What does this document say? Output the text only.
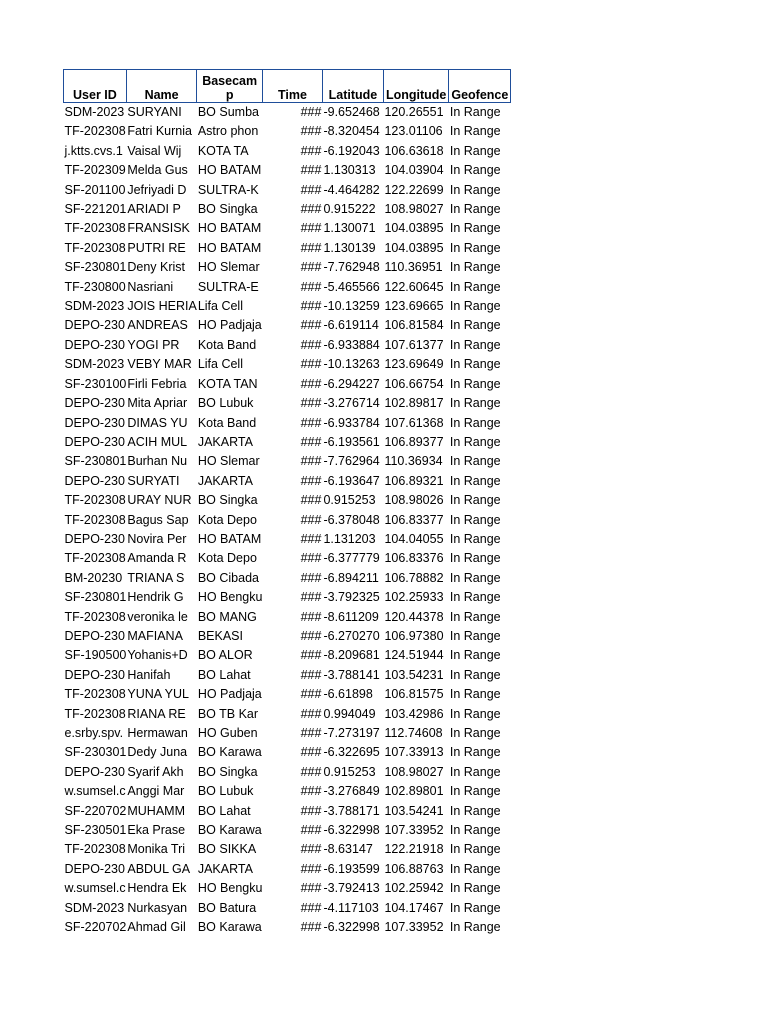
User ID	Name	Basecamp	Time	Latitude	Longitude	Geofence
SDM-2023	SURYANI	BO Sumba	###	-9.652468	120.26551	In Range
TF-202308	Fatri Kurnia	Astro phon	###	-8.320454	123.01106	In Range
j.ktts.cvs.1	Vaisal Wij	KOTA TA	###	-6.192043	106.63618	In Range
TF-202309	Melda Gus	HO BATAM	###	1.130313	104.03904	In Range
SF-201100	Jefriyadi D	SULTRA-K	###	-4.464282	122.22699	In Range
SF-221201	ARIADI P	BO Singka	###	0.915222	108.98027	In Range
TF-202308	FRANSISK	HO BATAM	###	1.130071	104.03895	In Range
TF-202308	PUTRI RE	HO BATAM	###	1.130139	104.03895	In Range
SF-230801	Deny Krist	HO Slemar	###	-7.762948	110.36951	In Range
TF-230800	Nasriani	SULTRA-E	###	-5.465566	122.60645	In Range
SDM-2023	JOIS HERIA	Lifa Cell	###	-10.13259	123.69665	In Range
DEPO-230	ANDREAS	HO Padjaja	###	-6.619114	106.81584	In Range
DEPO-230	YOGI PR	Kota Band	###	-6.933884	107.61377	In Range
SDM-2023	VEBY MAR	Lifa Cell	###	-10.13263	123.69649	In Range
SF-230100	Firli Febria	KOTA TAN	###	-6.294227	106.66754	In Range
DEPO-230	Mita Apriar	BO Lubuk	###	-3.276714	102.89817	In Range
DEPO-230	DIMAS YU	Kota Band	###	-6.933784	107.61368	In Range
DEPO-230	ACIH MUL	JAKARTA	###	-6.193561	106.89377	In Range
SF-230801	Burhan Nu	HO Slemar	###	-7.762964	110.36934	In Range
DEPO-230	SURYATI	JAKARTA	###	-6.193647	106.89321	In Range
TF-202308	URAY NUR	BO Singka	###	0.915253	108.98026	In Range
TF-202308	Bagus Sap	Kota Depo	###	-6.378048	106.83377	In Range
DEPO-230	Novira Per	HO BATAM	###	1.131203	104.04055	In Range
TF-202308	Amanda R	Kota Depo	###	-6.377779	106.83376	In Range
BM-20230	TRIANA S	BO Cibada	###	-6.894211	106.78882	In Range
SF-230801	Hendrik G	HO Bengku	###	-3.792325	102.25933	In Range
TF-202308	veronika le	BO MANG	###	-8.611209	120.44378	In Range
DEPO-230	MAFIANA	BEKASI	###	-6.270270	106.97380	In Range
SF-190500	Yohanis+D	BO ALOR	###	-8.209681	124.51944	In Range
DEPO-230	Hanifah	BO Lahat	###	-3.788141	103.54231	In Range
TF-202308	YUNA YUL	HO Padjaja	###	-6.61898	106.81575	In Range
TF-202308	RIANA RE	BO TB Kar	###	0.994049	103.42986	In Range
e.srby.spv.	Hermawan	HO Guben	###	-7.273197	112.74608	In Range
SF-230301	Dedy Juna	BO Karawa	###	-6.322695	107.33913	In Range
DEPO-230	Syarif Akh	BO Singka	###	0.915253	108.98027	In Range
w.sumsel.c	Anggi Mar	BO Lubuk	###	-3.276849	102.89801	In Range
SF-220702	MUHAMM	BO Lahat	###	-3.788171	103.54241	In Range
SF-230501	Eka Prase	BO Karawa	###	-6.322998	107.33952	In Range
TF-202308	Monika Tri	BO SIKKA	###	-8.63147	122.21918	In Range
DEPO-230	ABDUL GA	JAKARTA	###	-6.193599	106.88763	In Range
w.sumsel.c	Hendra Ek	HO Bengku	###	-3.792413	102.25942	In Range
SDM-2023	Nurkasyan	BO Batura	###	-4.117103	104.17467	In Range
SF-220702	Ahmad Gil	BO Karawa	###	-6.322998	107.33952	In Range
